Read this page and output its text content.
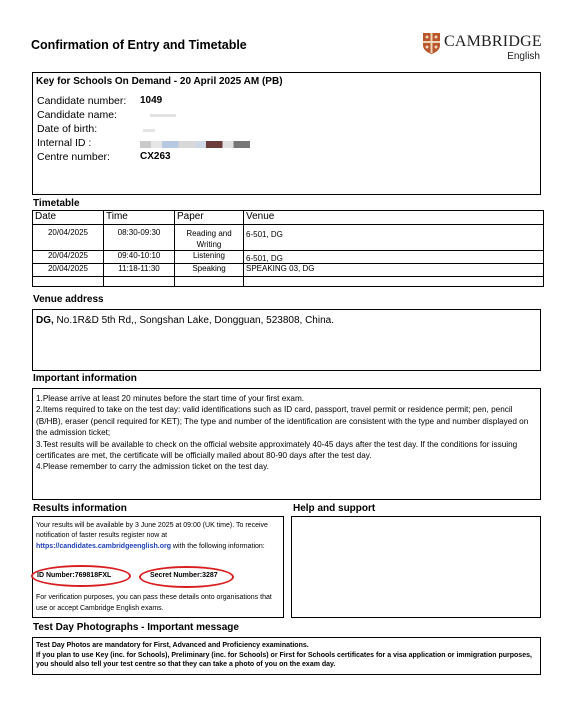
Confirmation of Entry and Timetable	CAMBRIDGE
English
Key for Schools On Demand - 20 April 2025 AM (PB)
Candidate number: 1049
Candidate name:
Date of birth:
Internal ID :
Centre number:	CX263
Timetable
Date	Time	Paper	Venue
20/04/2025	08:30-09:30	Reading and Writing	6-501, DG
20/04/2025	09:40-10:10	Listening	6-501, DG
20/04/2025	11:18-11:30	Speaking	SPEAKING 03, DG

Venue address
DG, No.1R&D 5th Rd,, Songshan Lake, Dongguan, 523808, China.
Important information
1.Please arrive at least 20 minutes before the start time of your first exam.
2.Items required to take on the test day: valid identifications such as ID card, passport, travel permit or residence permit; pen, pencil (B/HB), eraser (pencil required for KET); The type and number of the identification are consistent with the type and number displayed on the admission ticket;
3.Test results will be available to check on the official website approximately 40-45 days after the test day. If the conditions for issuing certificates are met, the certificate will be officially mailed about 80-90 days after the test day.
4.Please remember to carry the admission ticket on the test day.
Results information
Your results will be available by 3 June 2025 at 09:00 (UK time). To receive notification of faster results register now at
https://candidates.cambridgeenglish.org with the following information:
ID Number:769818FXL	Secret Number:3287
For verification purposes, you can pass these details onto organisations that use or accept Cambridge English exams.
Help and support
Test Day Photographs - Important message
Test Day Photos are mandatory for First, Advanced and Proficiency examinations.
If you plan to use Key (inc. for Schools), Preliminary (inc. for Schools) or First for Schools certificates for a visa application or immigration purposes, you should also tell your test centre so that they can take a photo of you on the exam day.
